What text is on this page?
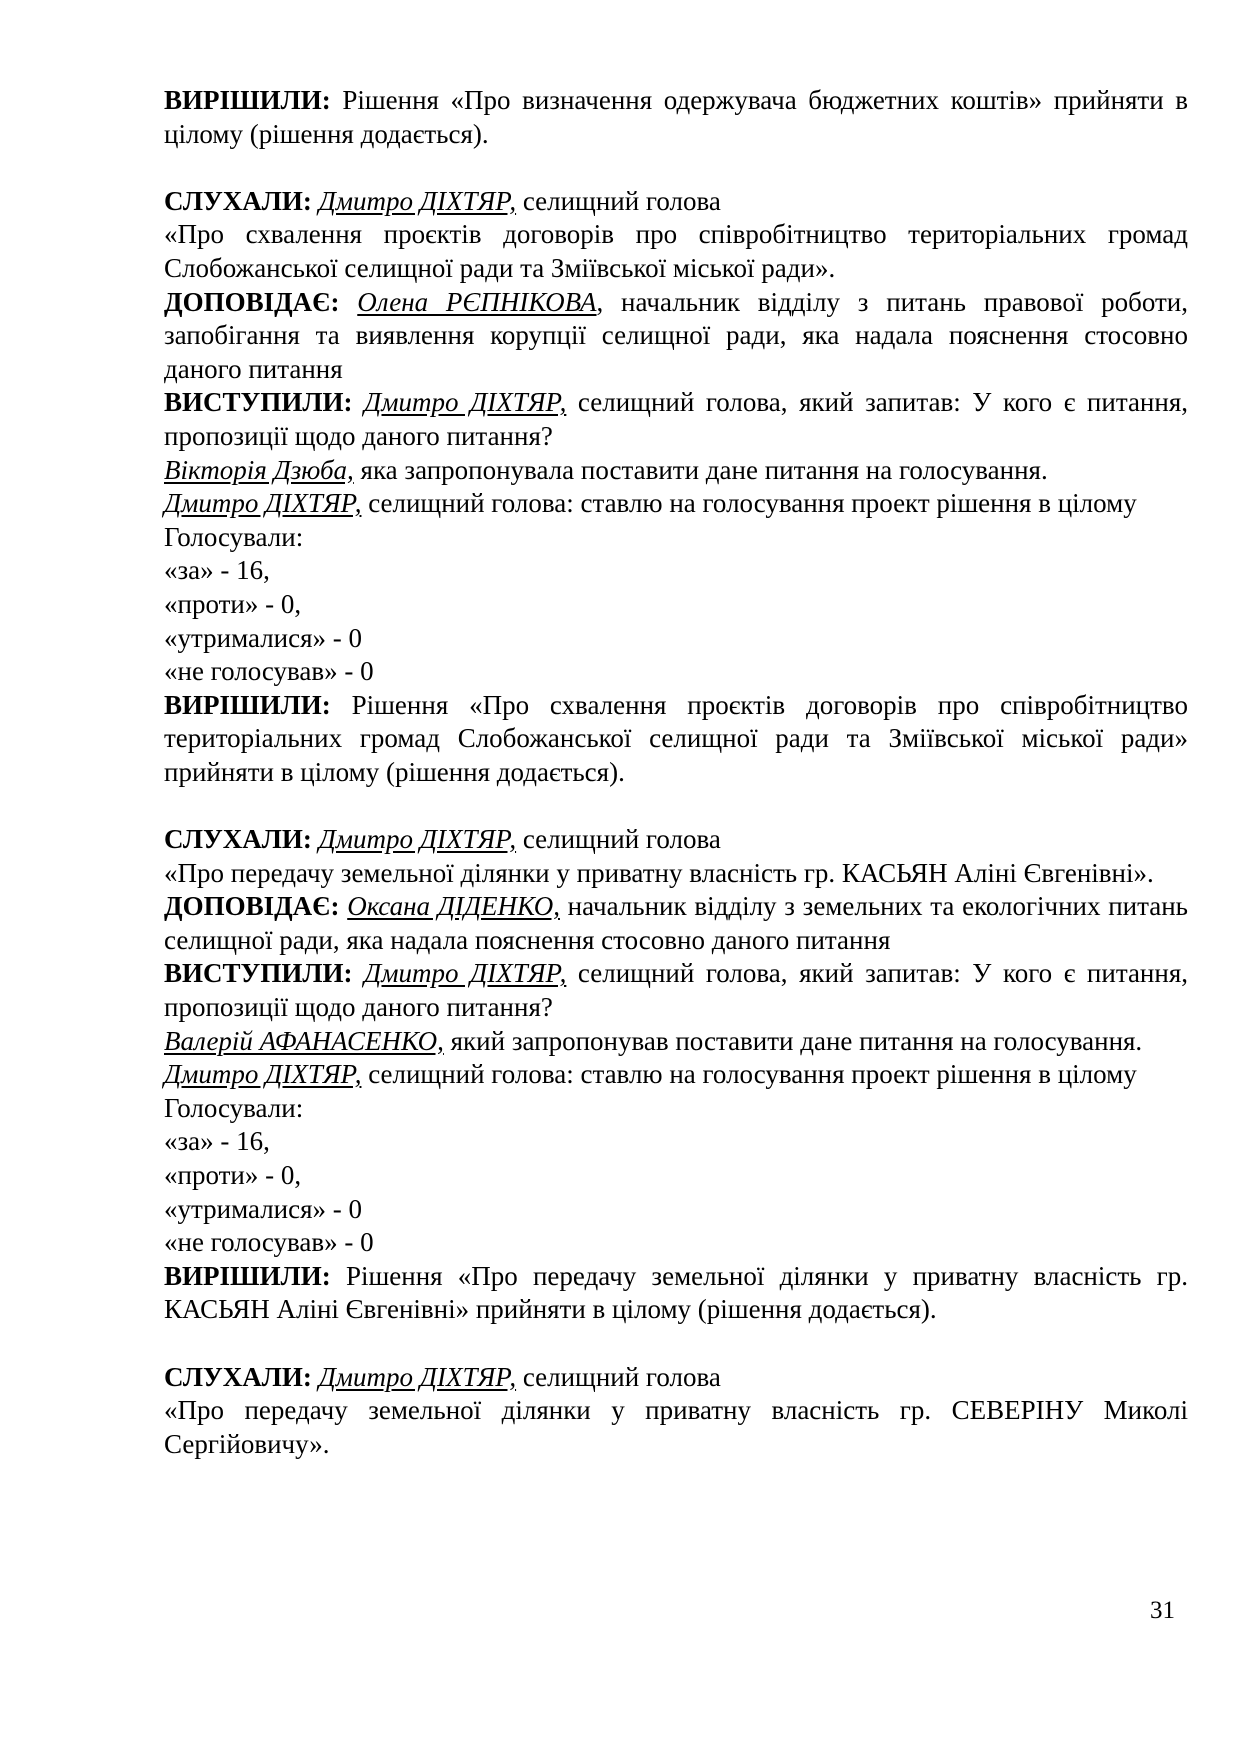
ВИРІШИЛИ: Рішення «Про визначення одержувача бюджетних коштів» прийняти в цілому (рішення додається).

СЛУХАЛИ: Дмитро ДІХТЯР, селищний голова

«Про схвалення проєктів договорів про співробітництво територіальних громад Слобожанської селищної ради та Зміївської міської ради».

ДОПОВІДАЄ: Олена РЄПНІКОВА, начальник відділу з питань правової роботи, запобігання та виявлення корупції селищної ради, яка надала пояснення стосовно даного питання

ВИСТУПИЛИ: Дмитро ДІХТЯР, селищний голова, який запитав: У кого є питання, пропозиції щодо даного питання?

Вікторія Дзюба, яка запропонувала поставити дане питання на голосування.

Дмитро ДІХТЯР, селищний голова: ставлю на голосування проект рішення в цілому

Голосували:

«за» - 16,

«проти» - 0,

«утрималися» - 0

«не голосував» - 0

ВИРІШИЛИ: Рішення «Про схвалення проєктів договорів про співробітництво територіальних громад Слобожанської селищної ради та Зміївської міської ради» прийняти в цілому (рішення додається).

СЛУХАЛИ: Дмитро ДІХТЯР, селищний голова

«Про передачу земельної ділянки у приватну власність гр. КАСЬЯН Аліні Євгенівні».

ДОПОВІДАЄ: Оксана ДІДЕНКО, начальник відділу з земельних та екологічних питань селищної ради, яка надала пояснення стосовно даного питання

ВИСТУПИЛИ: Дмитро ДІХТЯР, селищний голова, який запитав: У кого є питання, пропозиції щодо даного питання?

Валерій АФАНАСЕНКО, який запропонував поставити дане питання на голосування.

Дмитро ДІХТЯР, селищний голова: ставлю на голосування проект рішення в цілому

Голосували:

«за» - 16,

«проти» - 0,

«утрималися» - 0

«не голосував» - 0

ВИРІШИЛИ: Рішення «Про передачу земельної ділянки у приватну власність гр. КАСЬЯН Аліні Євгенівні» прийняти в цілому (рішення додається).

СЛУХАЛИ: Дмитро ДІХТЯР, селищний голова

«Про передачу земельної ділянки у приватну власність гр. СЕВЕРІНУ Миколі Сергійовичу».

31
